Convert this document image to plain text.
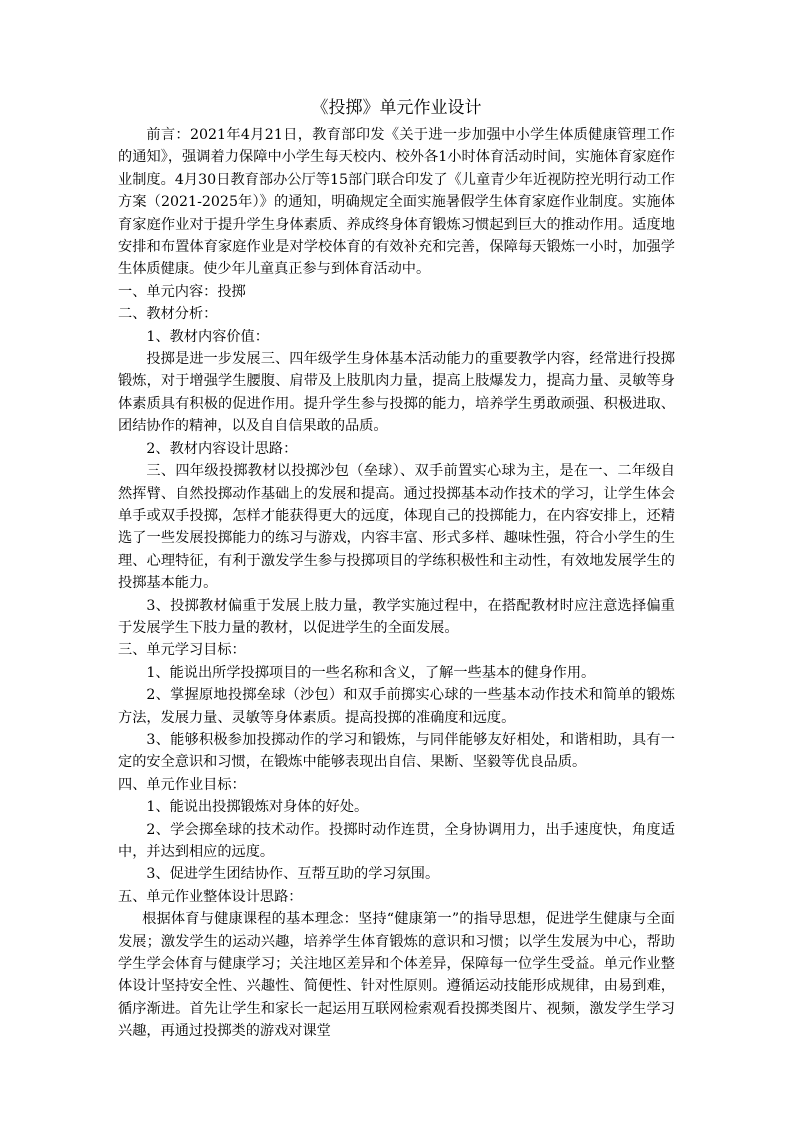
《投掷》单元作业设计

前言：2021年4月21日，教育部印发《关于进一步加强中小学生体质健康管理工作的通知》，强调着力保障中小学生每天校内、校外各1小时体育活动时间，实施体育家庭作业制度。4月30日教育部办公厅等15部门联合印发了《儿童青少年近视防控光明行动工作方案（2021-2025年）》的通知，明确规定全面实施暑假学生体育家庭作业制度。实施体育家庭作业对于提升学生身体素质、养成终身体育锻炼习惯起到巨大的推动作用。适度地安排和布置体育家庭作业是对学校体育的有效补充和完善，保障每天锻炼一小时，加强学生体质健康。使少年儿童真正参与到体育活动中。

一、单元内容：投掷

二、教材分析：

1、教材内容价值：

投掷是进一步发展三、四年级学生身体基本活动能力的重要教学内容，经常进行投掷锻炼，对于增强学生腰腹、肩带及上肢肌肉力量，提高上肢爆发力，提高力量、灵敏等身体素质具有积极的促进作用。提升学生参与投掷的能力，培养学生勇敢顽强、积极进取、团结协作的精神，以及自自信果敢的品质。

2、教材内容设计思路：

三、四年级投掷教材以投掷沙包（垒球）、双手前置实心球为主，是在一、二年级自然挥臂、自然投掷动作基础上的发展和提高。通过投掷基本动作技术的学习，让学生体会单手或双手投掷，怎样才能获得更大的远度，体现自己的投掷能力，在内容安排上，还精选了一些发展投掷能力的练习与游戏，内容丰富、形式多样、趣味性强，符合小学生的生理、心理特征，有利于激发学生参与投掷项目的学练积极性和主动性，有效地发展学生的投掷基本能力。

3、投掷教材偏重于发展上肢力量，教学实施过程中，在搭配教材时应注意选择偏重于发展学生下肢力量的教材，以促进学生的全面发展。

三、单元学习目标：

1、能说出所学投掷项目的一些名称和含义，了解一些基本的健身作用。

2、掌握原地投掷垒球（沙包）和双手前掷实心球的一些基本动作技术和简单的锻炼方法，发展力量、灵敏等身体素质。提高投掷的准确度和远度。

3、能够积极参加投掷动作的学习和锻炼，与同伴能够友好相处，和谐相助，具有一定的安全意识和习惯，在锻炼中能够表现出自信、果断、坚毅等优良品质。

四、单元作业目标：

1、能说出投掷锻炼对身体的好处。

2、学会掷垒球的技术动作。投掷时动作连贯，全身协调用力，出手速度快，角度适中，并达到相应的远度。

3、促进学生团结协作、互帮互助的学习氛围。

五、单元作业整体设计思路：

根据体育与健康课程的基本理念：坚持“健康第一”的指导思想，促进学生健康与全面发展；激发学生的运动兴趣，培养学生体育锻炼的意识和习惯；以学生发展为中心，帮助学生学会体育与健康学习；关注地区差异和个体差异，保障每一位学生受益。单元作业整体设计坚持安全性、兴趣性、简便性、针对性原则。遵循运动技能形成规律，由易到难，循序渐进。首先让学生和家长一起运用互联网检索观看投掷类图片、视频，激发学生学习兴趣，再通过投掷类的游戏对课堂
